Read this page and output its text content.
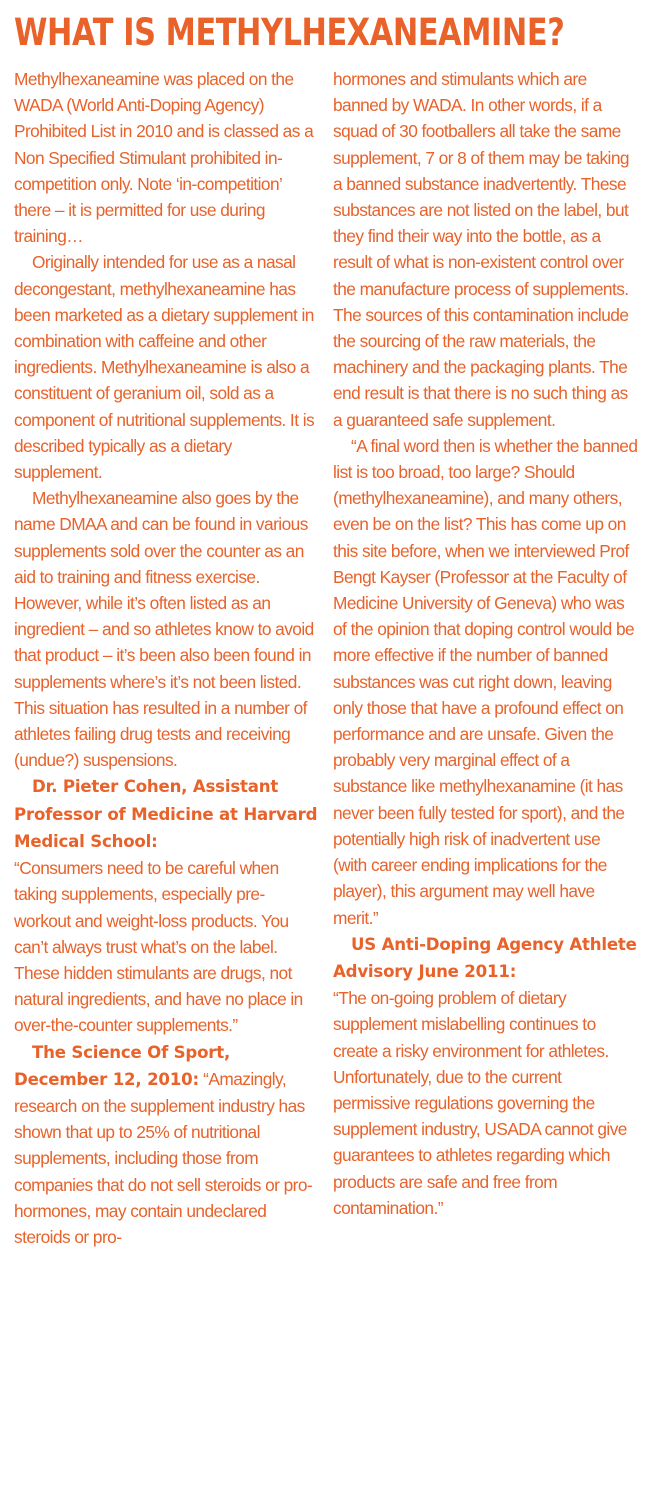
WHAT IS METHYLHEXANEAMINE?

Methylhexaneamine was placed on the WADA (World Anti-Doping Agency) Prohibited List in 2010 and is classed as a Non Specified Stimulant prohibited in-competition only. Note ‘in-competition’ there – it is permitted for use during training…

Originally intended for use as a nasal decongestant, methylhexaneamine has been marketed as a dietary supplement in combination with caffeine and other ingredients. Methylhexaneamine is also a constituent of geranium oil, sold as a component of nutritional supplements. It is described typically as a dietary supplement.

Methylhexaneamine also goes by the name DMAA and can be found in various supplements sold over the counter as an aid to training and fitness exercise. However, while it’s often listed as an ingredient – and so athletes know to avoid that product – it’s been also been found in supplements where’s it’s not been listed. This situation has resulted in a number of athletes failing drug tests and receiving (undue?) suspensions.

Dr. Pieter Cohen, Assistant Professor of Medicine at Harvard Medical School:

“Consumers need to be careful when taking supplements, especially pre-workout and weight-loss products. You can’t always trust what’s on the label. These hidden stimulants are drugs, not natural ingredients, and have no place in over-the-counter supplements.”

The Science Of Sport, December 12, 2010: “Amazingly, research on the supplement industry has shown that up to 25% of nutritional supplements, including those from companies that do not sell steroids or pro-hormones, may contain undeclared steroids or pro-

hormones and stimulants which are banned by WADA. In other words, if a squad of 30 footballers all take the same supplement, 7 or 8 of them may be taking a banned substance inadvertently. These substances are not listed on the label, but they find their way into the bottle, as a result of what is non-existent control over the manufacture process of supplements. The sources of this contamination include the sourcing of the raw materials, the machinery and the packaging plants. The end result is that there is no such thing as a guaranteed safe supplement.

“A final word then is whether the banned list is too broad, too large? Should (methylhexaneamine), and many others, even be on the list? This has come up on this site before, when we interviewed Prof Bengt Kayser (Professor at the Faculty of Medicine University of Geneva) who was of the opinion that doping control would be more effective if the number of banned substances was cut right down, leaving only those that have a profound effect on performance and are unsafe. Given the probably very marginal effect of a substance like methylhexanamine (it has never been fully tested for sport), and the potentially high risk of inadvertent use (with career ending implications for the player), this argument may well have merit.”

US Anti-Doping Agency Athlete Advisory June 2011:

“The on-going problem of dietary supplement mislabelling continues to create a risky environment for athletes. Unfortunately, due to the current permissive regulations governing the supplement industry, USADA cannot give guarantees to athletes regarding which products are safe and free from contamination.”
